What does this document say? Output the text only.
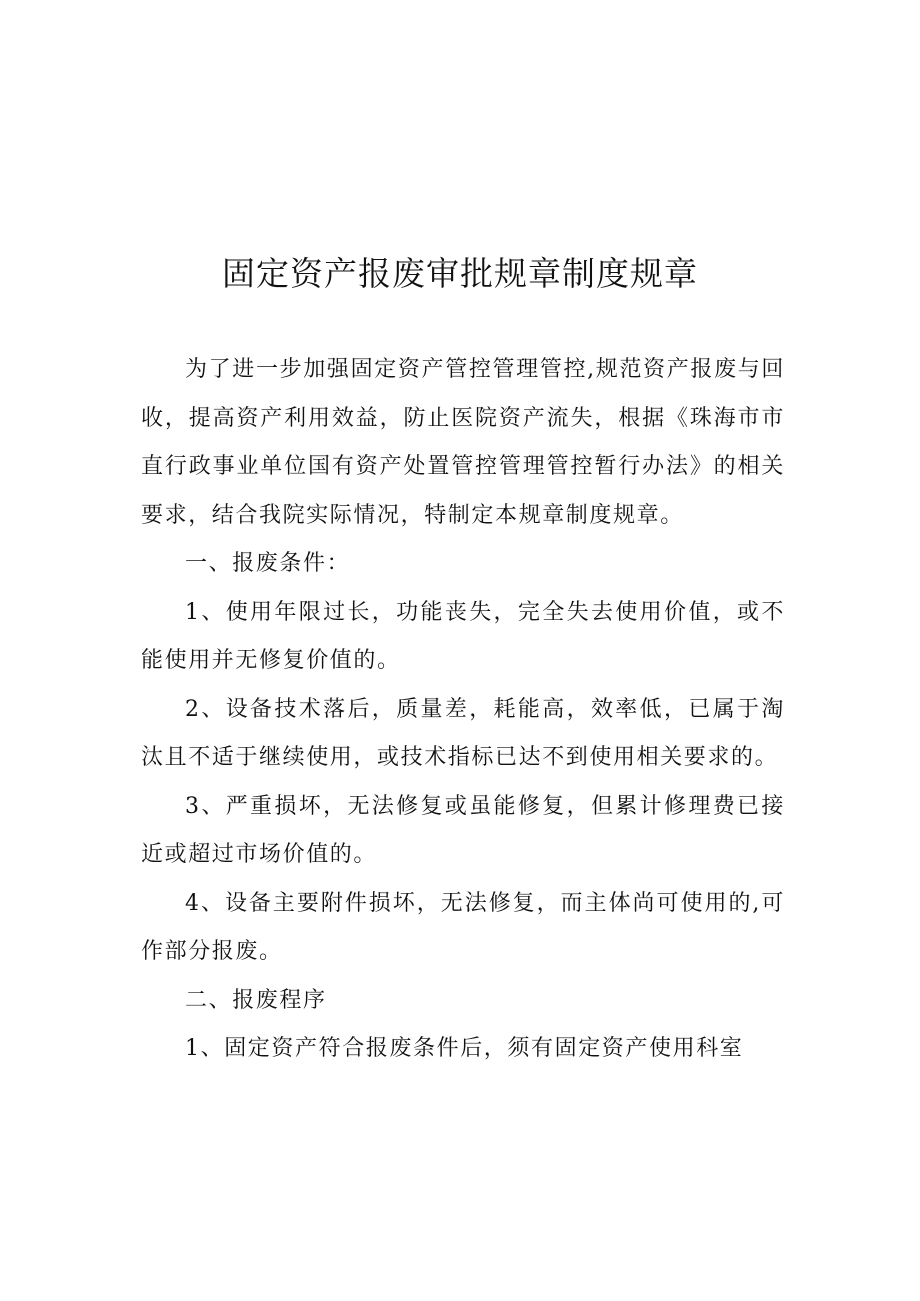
固定资产报废审批规章制度规章

为了进一步加强固定资产管控管理管控,规范资产报废与回收，提高资产利用效益，防止医院资产流失，根据《珠海市市直行政事业单位国有资产处置管控管理管控暂行办法》的相关要求，结合我院实际情况，特制定本规章制度规章。

一、报废条件：

1、使用年限过长，功能丧失，完全失去使用价值，或不能使用并无修复价值的。

2、设备技术落后，质量差，耗能高，效率低，已属于淘汰且不适于继续使用，或技术指标已达不到使用相关要求的。

3、严重损坏，无法修复或虽能修复，但累计修理费已接近或超过市场价值的。

4、设备主要附件损坏，无法修复，而主体尚可使用的,可作部分报废。

二、报废程序

1、固定资产符合报废条件后，须有固定资产使用科室
